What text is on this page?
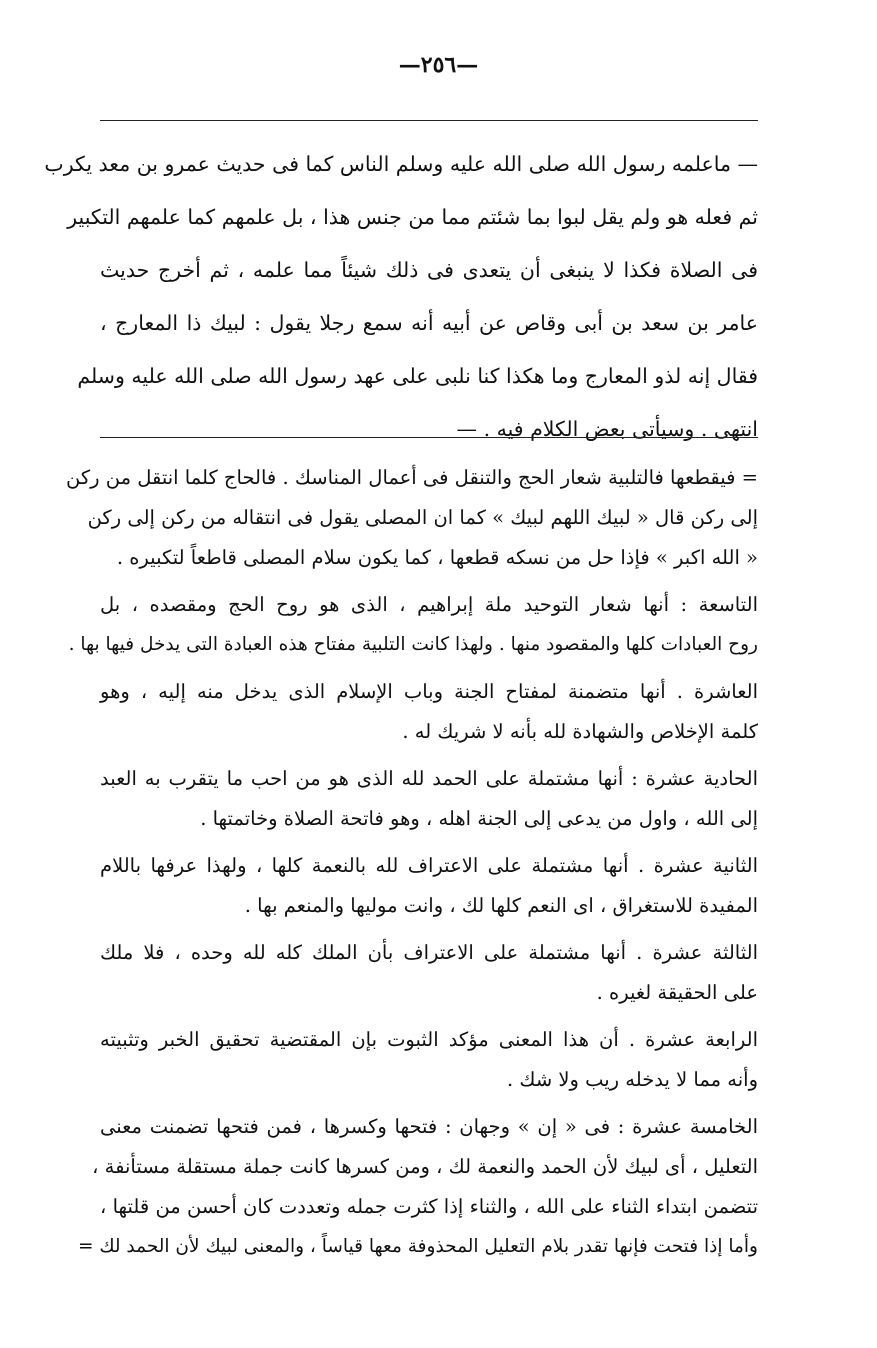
—٢٥٦—
— ماعلمه رسول الله صلى الله عليه وسلم الناس كما فى حديث عمرو بن معد يكرب
ثم فعله هو ولم يقل لبوا بما شئتم مما من جنس هذا ، بل علمهم كما علمهم التكبير
فى الصلاة فكذا لا ينبغى أن يتعدى فى ذلك شيئاً مما علمه ، ثم أخرج حديث
عامر بن سعد بن أبى وقاص عن أبيه أنه سمع رجلا يقول : لبيك ذا المعارج ،
فقال إنه لذو المعارج وما هكذا كنا نلبى على عهد رسول الله صلى الله عليه وسلم
انتهى . وسيأتى بعض الكلام فيه . —
= فيقطعها فالتلبية شعار الحج والتنقل فى أعمال المناسك . فالحاج كلما انتقل من ركن
إلى ركن قال « لبيك اللهم لبيك » كما ان المصلى يقول فى انتقاله من ركن إلى ركن
« الله اكبر » فإذا حل من نسكه قطعها ، كما يكون سلام المصلى قاطعاً لتكبيره .
التاسعة : أنها شعار التوحيد ملة إبراهيم ، الذى هو روح الحج ومقصده ، بل
روح العبادات كلها والمقصود منها . ولهذا كانت التلبية مفتاح هذه العبادة التى يدخل فيها بها .
العاشرة . أنها متضمنة لمفتاح الجنة وباب الإسلام الذى يدخل منه إليه ، وهو
كلمة الإخلاص والشهادة لله بأنه لا شريك له .
الحادية عشرة : أنها مشتملة على الحمد لله الذى هو من احب ما يتقرب به العبد
إلى الله ، واول من يدعى إلى الجنة اهله ، وهو فاتحة الصلاة وخاتمتها .
الثانية عشرة . أنها مشتملة على الاعتراف لله بالنعمة كلها ، ولهذا عرفها باللام
المفيدة للاستغراق ، اى النعم كلها لك ، وانت موليها والمنعم بها .
الثالثة عشرة . أنها مشتملة على الاعتراف بأن الملك كله لله وحده ، فلا ملك
على الحقيقة لغيره .
الرابعة عشرة . أن هذا المعنى مؤكد الثبوت بإن المقتضية تحقيق الخبر وتثبيته
وأنه مما لا يدخله ريب ولا شك .
الخامسة عشرة : فى « إن » وجهان : فتحها وكسرها ، فمن فتحها تضمنت معنى
التعليل ، أى لبيك لأن الحمد والنعمة لك ، ومن كسرها كانت جملة مستقلة مستأنفة ،
تتضمن ابتداء الثناء على الله ، والثناء إذا كثرت جمله وتعددت كان أحسن من قلتها ،
وأما إذا فتحت فإنها تقدر بلام التعليل المحذوفة معها قياساً ، والمعنى لبيك لأن الحمد لك =
